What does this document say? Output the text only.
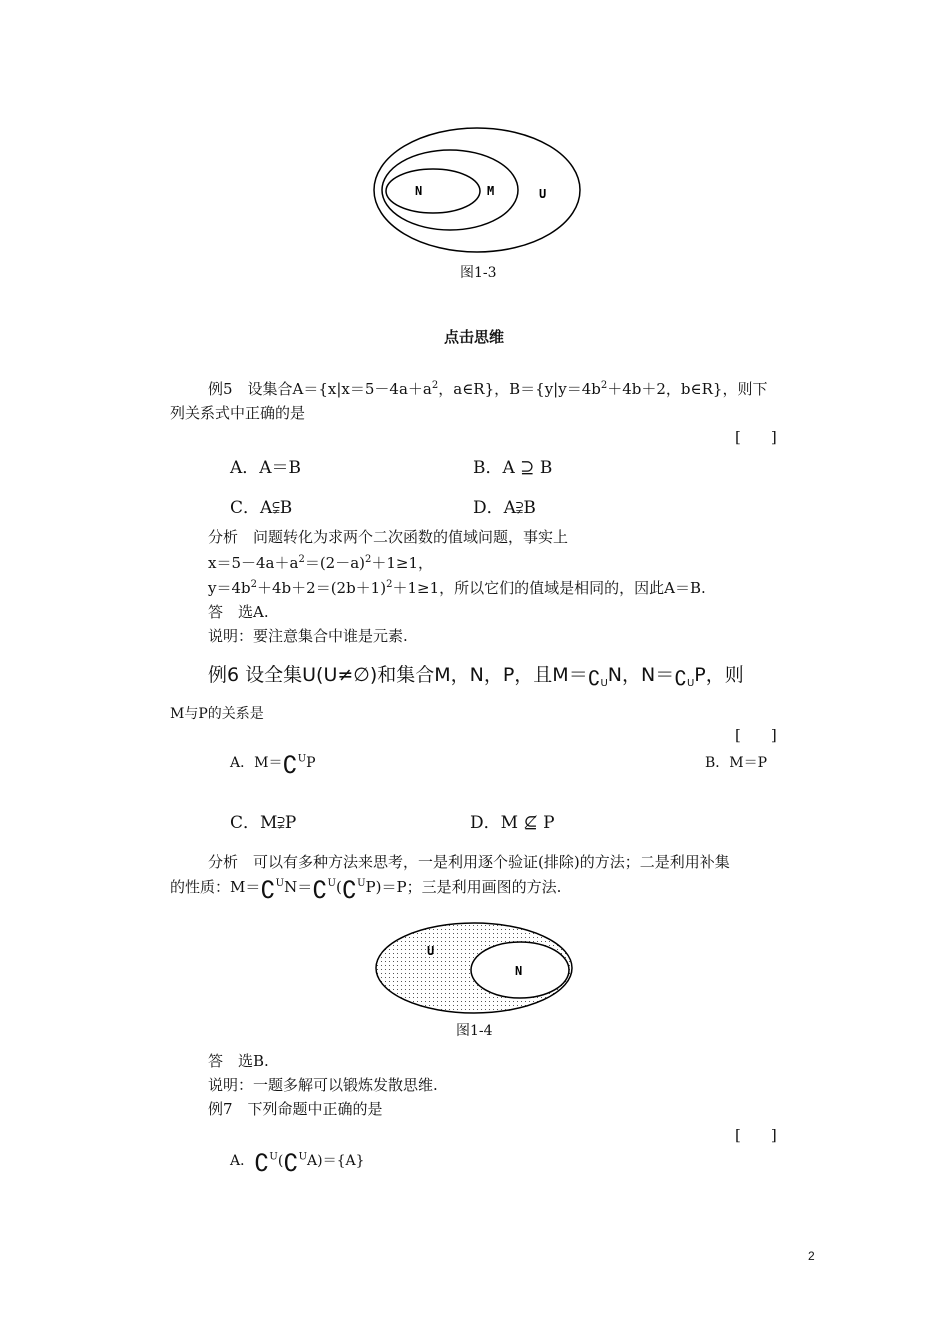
N	M	U
图1-3
点击思维
例5　设集合$A=\{x|x=5-4a+a^2$，a∈R}，$B=\{y|y=4b^2+4b+2$，b∈R}，则下
列关系式中正确的是
[　　]
A．A＝B	B．A ⊇ B
C．A⫋B	D．A⫌B
分析　问题转化为求两个二次函数的值域问题，事实上
$x=5-4a+a^2=(2-a)^2+1\ge 1$，
$y=4b^2+4b+2=(2b+1)^2+1\ge 1$，所以它们的值域是相同的，因此A＝B.
答　选A.
说明：要注意集合中谁是元素.
例6 设全集U(U≠∅)和集合M，N，P，且$M=∁_UN$，$N=∁_UP$，则
M与P的关系是
[　　]
A．M＝∁$^U$P	B．M＝P
C．M⫌P	D．M ⊈ P
分析　可以有多种方法来思考，一是利用逐个验证(排除)的方法；二是利用补集
的性质：M＝∁$^U$N＝∁$^U$(∁$^U$P)＝P；三是利用画图的方法.
U
N
图1-4
答　选B.
说明：一题多解可以锻炼发散思维.
例7　下列命题中正确的是
[　　]
A．∁$^U$(∁$^U$A)＝{A}
2
